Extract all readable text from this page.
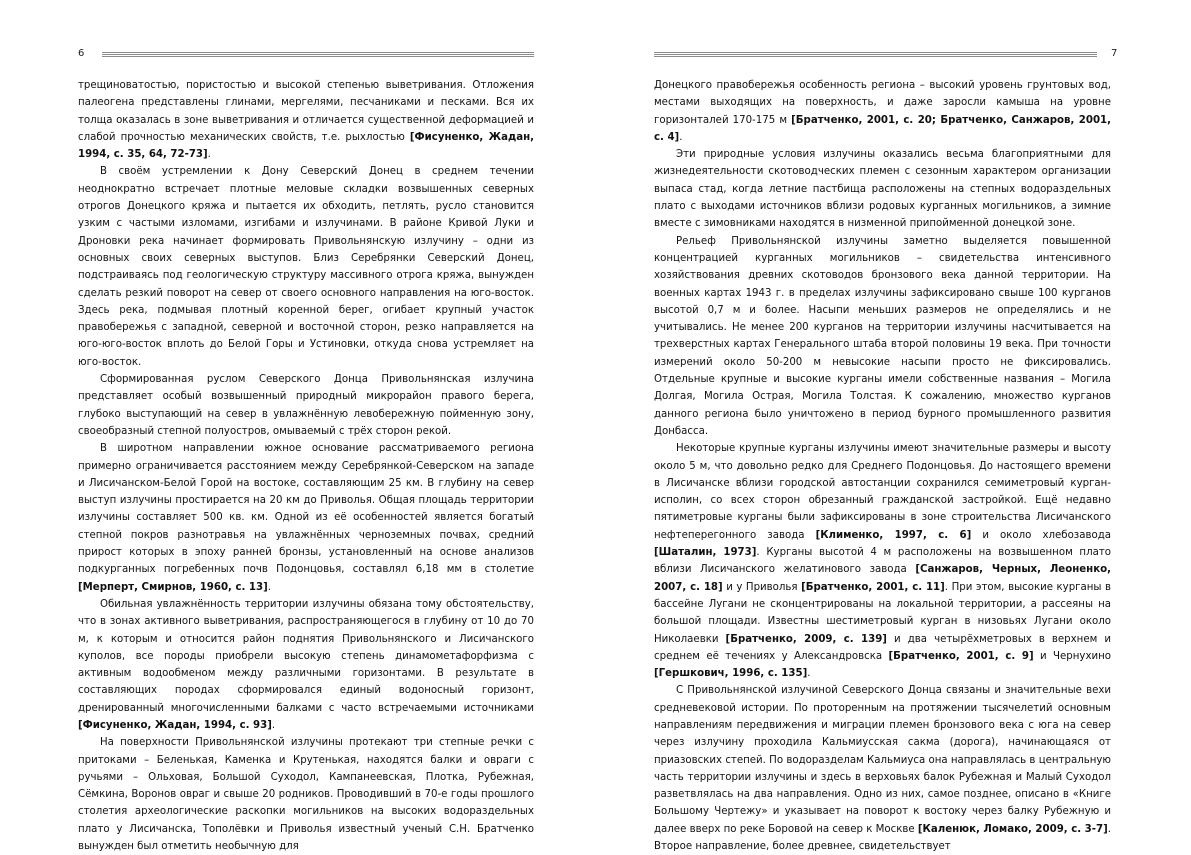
6

трещиноватостью, пористостью и высокой степенью выветривания. Отложения палеогена представлены глинами, мергелями, песчаниками и песками. Вся их толща оказалась в зоне выветривания и отличается существенной деформацией и слабой прочностью механических свойств, т.е. рыхлостью [Фисуненко, Жадан, 1994, с. 35, 64, 72-73].

В своём устремлении к Дону Северский Донец в среднем течении неоднократно встречает плотные меловые складки возвышенных северных отрогов Донецкого кряжа и пытается их обходить, петлять, русло становится узким с частыми изломами, изгибами и излучинами. В районе Кривой Луки и Дроновки река начинает формировать Привольнянскую излучину – одни из основных своих северных выступов. Близ Серебрянки Северский Донец, подстраиваясь под геологическую структуру массивного отрога кряжа, вынужден сделать резкий поворот на север от своего основного направления на юго-восток. Здесь река, подмывая плотный коренной берег, огибает крупный участок правобережья с западной, северной и восточной сторон, резко направляется на юго-юго-восток вплоть до Белой Горы и Устиновки, откуда снова устремляет на юго-восток.

Сформированная руслом Северского Донца Привольнянская излучина представляет особый возвышенный природный микрорайон правого берега, глубоко выступающий на север в увлажнённую левобережную пойменную зону, своеобразный степной полуостров, омываемый с трёх сторон рекой.

В широтном направлении южное основание рассматриваемого региона примерно ограничивается расстоянием между Серебрянкой-Северском на западе и Лисичанском-Белой Горой на востоке, составляющим 25 км. В глубину на север выступ излучины простирается на 20 км до Приволья. Общая площадь территории излучины составляет 500 кв. км. Одной из её особенностей является богатый степной покров разнотравья на увлажнённых черноземных почвах, средний прирост которых в эпоху ранней бронзы, установленный на основе анализов подкурганных погребенных почв Подонцовья, составлял 6,18 мм в столетие [Мерперт, Смирнов, 1960, с. 13].

Обильная увлажнённость территории излучины обязана тому обстоятельству, что в зонах активного выветривания, распространяющегося в глубину от 10 до 70 м, к которым и относится район поднятия Привольнянского и Лисичанского куполов, все породы приобрели высокую степень динамометафорфизма с активным водообменом между различными горизонтами. В результате в составляющих породах сформировался единый водоносный горизонт, дренированный многочисленными балками с часто встречаемыми источниками [Фисуненко, Жадан, 1994, с. 93].

На поверхности Привольнянской излучины протекают три степные речки с притоками – Беленькая, Каменка и Крутенькая, находятся балки и овраги с ручьями – Ольховая, Большой Суходол, Кампанеевская, Плотка, Рубежная, Сёмкина, Воронов овраг и свыше 20 родников. Проводивший в 70-е годы прошлого столетия археологические раскопки могильников на высоких водораздельных плато у Лисичанска, Тополёвки и Приволья известный ученый С.Н. Братченко вынужден был отметить необычную для

7

Донецкого правобережья особенность региона – высокий уровень грунтовых вод, местами выходящих на поверхность, и даже заросли камыша на уровне горизонталей 170-175 м [Братченко, 2001, с. 20; Братченко, Санжаров, 2001, с. 4].

Эти природные условия излучины оказались весьма благоприятными для жизнедеятельности скотоводческих племен с сезонным характером организации выпаса стад, когда летние пастбища расположены на степных водораздельных плато с выходами источников вблизи родовых курганных могильников, а зимние вместе с зимовниками находятся в низменной припойменной донецкой зоне.

Рельеф Привольнянской излучины заметно выделяется повышенной концентрацией курганных могильников – свидетельства интенсивного хозяйствования древних скотоводов бронзового века данной территории. На военных картах 1943 г. в пределах излучины зафиксировано свыше 100 курганов высотой 0,7 м и более. Насыпи меньших размеров не определялись и не учитывались. Не менее 200 курганов на территории излучины насчитывается на трехверстных картах Генерального штаба второй половины 19 века. При точности измерений около 50-200 м невысокие насыпи просто не фиксировались. Отдельные крупные и высокие курганы имели собственные названия – Могила Долгая, Могила Острая, Могила Толстая. К сожалению, множество курганов данного региона было уничтожено в период бурного промышленного развития Донбасса.

Некоторые крупные курганы излучины имеют значительные размеры и высоту около 5 м, что довольно редко для Среднего Подонцовья. До настоящего времени в Лисичанске вблизи городской автостанции сохранился семиметровый курган-исполин, со всех сторон обрезанный гражданской застройкой. Ещё недавно пятиметровые курганы были зафиксированы в зоне строительства Лисичанского нефтеперегонного завода [Клименко, 1997, с. 6] и около хлебозавода [Шаталин, 1973]. Курганы высотой 4 м расположены на возвышенном плато вблизи Лисичанского желатинового завода [Санжаров, Черных, Леоненко, 2007, с. 18] и у Приволья [Братченко, 2001, с. 11]. При этом, высокие курганы в бассейне Лугани не сконцентрированы на локальной территории, а рассеяны на большой площади. Известны шестиметровый курган в низовьях Лугани около Николаевки [Братченко, 2009, с. 139] и два четырёхметровых в верхнем и среднем её течениях у Александровска [Братченко, 2001, с. 9] и Чернухино [Гершкович, 1996, с. 135].

С Привольнянской излучиной Северского Донца связаны и значительные вехи средневековой истории. По проторенным на протяжении тысячелетий основным направлениям передвижения и миграции племен бронзового века с юга на север через излучину проходила Кальмиусская сакма (дорога), начинающаяся от приазовских степей. По водоразделам Кальмиуса она направлялась в центральную часть территории излучины и здесь в верховьях балок Рубежная и Малый Суходол разветвлялась на два направления. Одно из них, самое позднее, описано в «Книге Большому Чертежу» и указывает на поворот к востоку через балку Рубежную и далее вверх по реке Боровой на север к Москве [Каленюк, Ломако, 2009, с. 3-7]. Второе направление, более древнее, свидетельствует
